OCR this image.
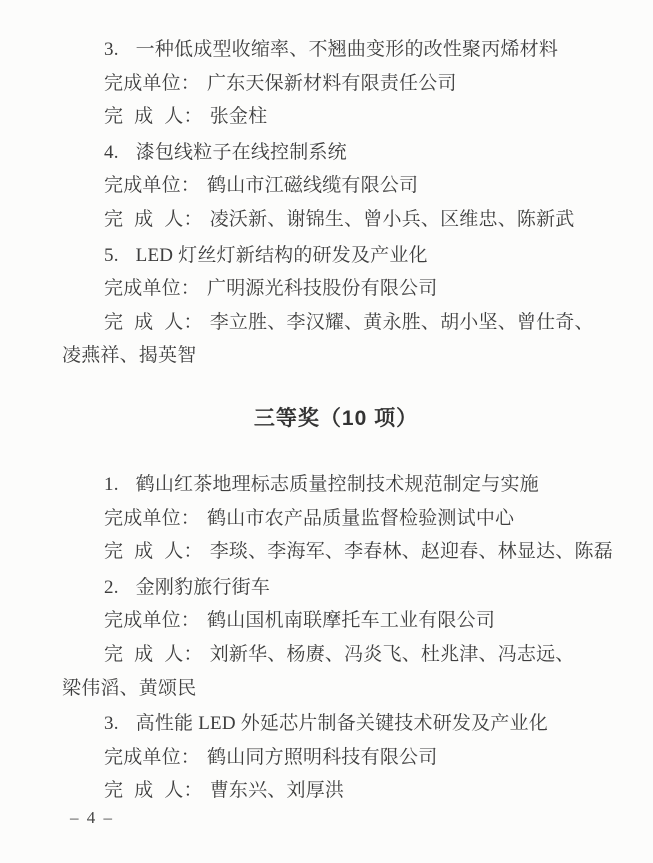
3. 一种低成型收缩率、不翘曲变形的改性聚丙烯材料

完成单位： 广东天保新材料有限责任公司

完 成 人： 张金柱

4. 漆包线粒子在线控制系统

完成单位： 鹤山市江磁线缆有限公司

完 成 人： 凌沃新、谢锦生、曾小兵、区维忠、陈新武

5. LED 灯丝灯新结构的研发及产业化

完成单位： 广明源光科技股份有限公司

完 成 人： 李立胜、李汉耀、黄永胜、胡小坚、曾仕奇、

凌燕祥、揭英智

三等奖（10 项）

1. 鹤山红茶地理标志质量控制技术规范制定与实施

完成单位： 鹤山市农产品质量监督检验测试中心

完 成 人： 李琰、李海军、李春林、赵迎春、林显达、陈磊

2. 金刚豹旅行街车

完成单位： 鹤山国机南联摩托车工业有限公司

完 成 人： 刘新华、杨赓、冯炎飞、杜兆津、冯志远、

梁伟滔、黄颂民

3. 高性能 LED 外延芯片制备关键技术研发及产业化

完成单位： 鹤山同方照明科技有限公司

完 成 人： 曹东兴、刘厚洪

– 4 –
